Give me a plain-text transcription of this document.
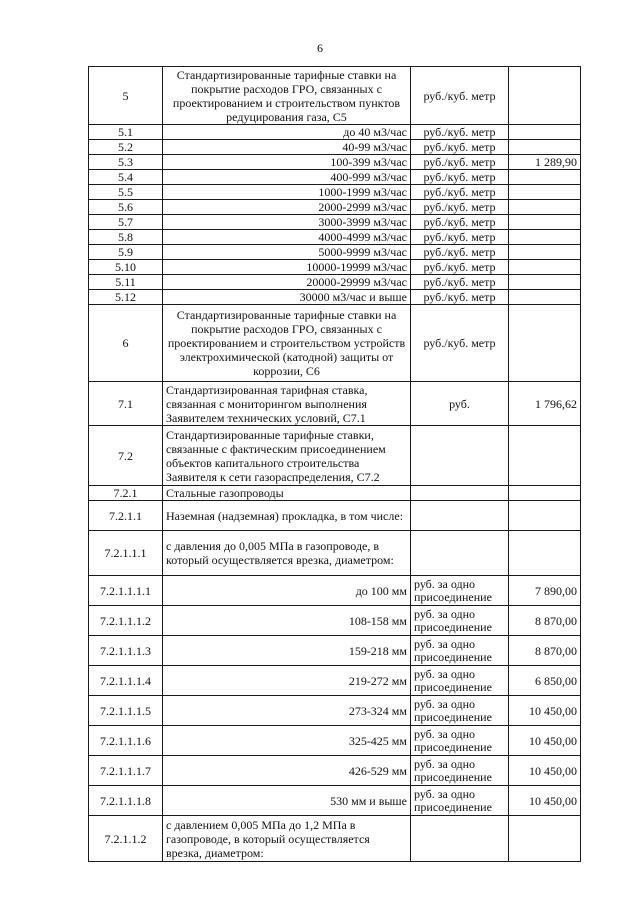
6
5	Стандартизированные тарифные ставки на покрытие расходов ГРО, связанных с проектированием и строительством пунктов редуцирования газа, С5	руб./куб. метр	
5.1	до 40 м3/час	руб./куб. метр	
5.2	40-99 м3/час	руб./куб. метр	
5.3	100-399 м3/час	руб./куб. метр	1 289,90
5.4	400-999 м3/час	руб./куб. метр	
5.5	1000-1999 м3/час	руб./куб. метр	
5.6	2000-2999 м3/час	руб./куб. метр	
5.7	3000-3999 м3/час	руб./куб. метр	
5.8	4000-4999 м3/час	руб./куб. метр	
5.9	5000-9999 м3/час	руб./куб. метр	
5.10	10000-19999 м3/час	руб./куб. метр	
5.11	20000-29999 м3/час	руб./куб. метр	
5.12	30000 м3/час и выше	руб./куб. метр	
6	Стандартизированные тарифные ставки на покрытие расходов ГРО, связанных с проектированием и строительством устройств электрохимической (катодной) защиты от коррозии, С6	руб./куб. метр	
7.1	Стандартизированная тарифная ставка, связанная с мониторингом выполнения Заявителем технических условий, С7.1	руб.	1 796,62
7.2	Стандартизированные тарифные ставки, связанные с фактическим присоединением объектов капитального строительства Заявителя к сети газораспределения, С7.2		
7.2.1	Стальные газопроводы		
7.2.1.1	Наземная (надземная) прокладка, в том числе:		
7.2.1.1.1	с давления до 0,005 МПа в газопроводе, в который осуществляется врезка, диаметром:		
7.2.1.1.1.1	до 100 мм	руб. за одно присоединение	7 890,00
7.2.1.1.1.2	108-158 мм	руб. за одно присоединение	8 870,00
7.2.1.1.1.3	159-218 мм	руб. за одно присоединение	8 870,00
7.2.1.1.1.4	219-272 мм	руб. за одно присоединение	6 850,00
7.2.1.1.1.5	273-324 мм	руб. за одно присоединение	10 450,00
7.2.1.1.1.6	325-425 мм	руб. за одно присоединение	10 450,00
7.2.1.1.1.7	426-529 мм	руб. за одно присоединение	10 450,00
7.2.1.1.1.8	530 мм и выше	руб. за одно присоединение	10 450,00
7.2.1.1.2	с давлением 0,005 МПа до 1,2 МПа в газопроводе, в который осуществляется врезка, диаметром:		
